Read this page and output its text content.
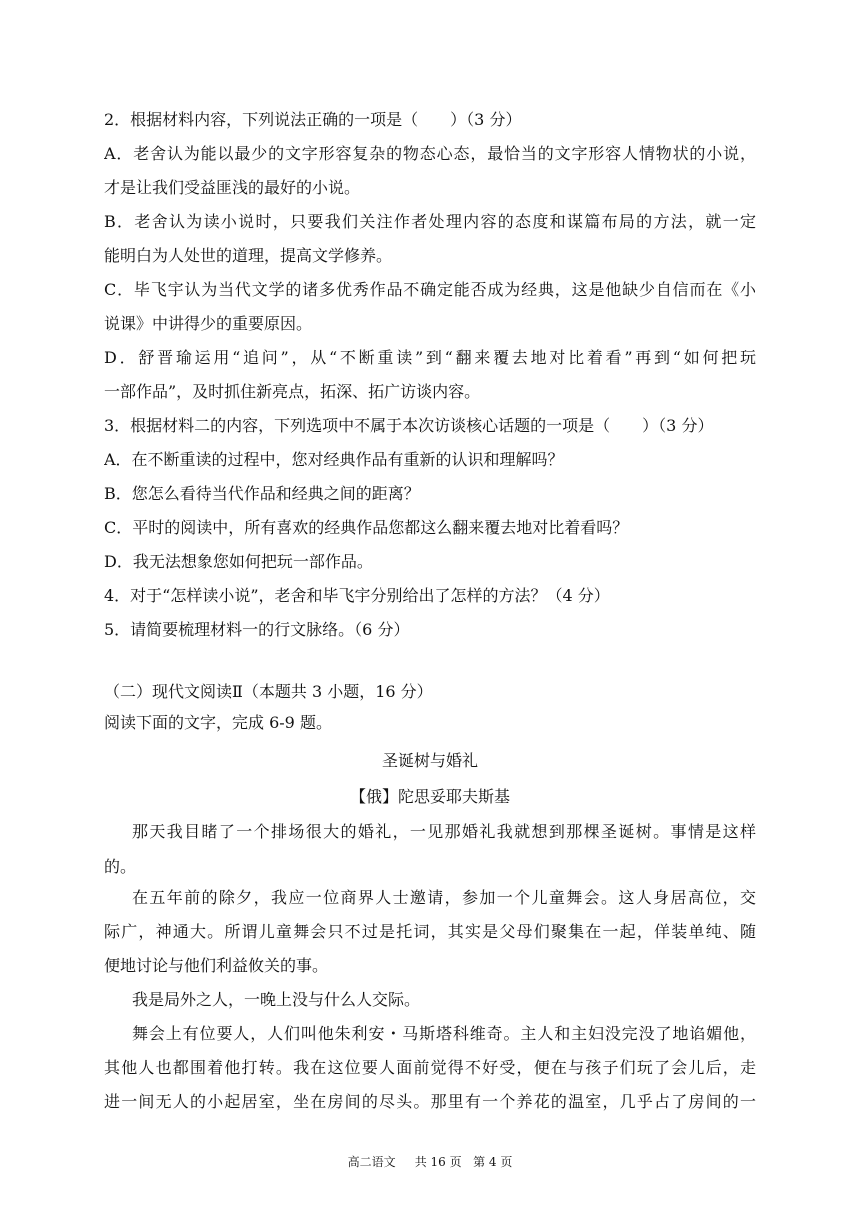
2．根据材料内容，下列说法正确的一项是（　　）（3 分）
A．老舍认为能以最少的文字形容复杂的物态心态，最恰当的文字形容人情物状的小说，
才是让我们受益匪浅的最好的小说。
B．老舍认为读小说时，只要我们关注作者处理内容的态度和谋篇布局的方法，就一定
能明白为人处世的道理，提高文学修养。
C．毕飞宇认为当代文学的诸多优秀作品不确定能否成为经典，这是他缺少自信而在《小
说课》中讲得少的重要原因。
D．舒晋瑜运用“追问”，从“不断重读”到“翻来覆去地对比着看”再到“如何把玩
一部作品”，及时抓住新亮点，拓深、拓广访谈内容。
3．根据材料二的内容，下列选项中不属于本次访谈核心话题的一项是（　　）（3 分）
A．在不断重读的过程中，您对经典作品有重新的认识和理解吗？
B．您怎么看待当代作品和经典之间的距离？
C．平时的阅读中，所有喜欢的经典作品您都这么翻来覆去地对比着看吗？
D．我无法想象您如何把玩一部作品。
4．对于“怎样读小说”，老舍和毕飞宇分别给出了怎样的方法？（4 分）
5．请简要梳理材料一的行文脉络。（6 分）
（二）现代文阅读Ⅱ（本题共 3 小题，16 分）
阅读下面的文字，完成 6-9 题。
圣诞树与婚礼
【俄】陀思妥耶夫斯基
那天我目睹了一个排场很大的婚礼，一见那婚礼我就想到那棵圣诞树。事情是这样
的。
在五年前的除夕，我应一位商界人士邀请，参加一个儿童舞会。这人身居高位，交
际广，神通大。所谓儿童舞会只不过是托词，其实是父母们聚集在一起，佯装单纯、随
便地讨论与他们利益攸关的事。
我是局外之人，一晚上没与什么人交际。
舞会上有位要人，人们叫他朱利安・马斯塔科维奇。主人和主妇没完没了地谄媚他，
其他人也都围着他打转。我在这位要人面前觉得不好受，便在与孩子们玩了会儿后，走
进一间无人的小起居室，坐在房间的尽头。那里有一个养花的温室，几乎占了房间的一
高二语文 共 16 页 第 4 页
